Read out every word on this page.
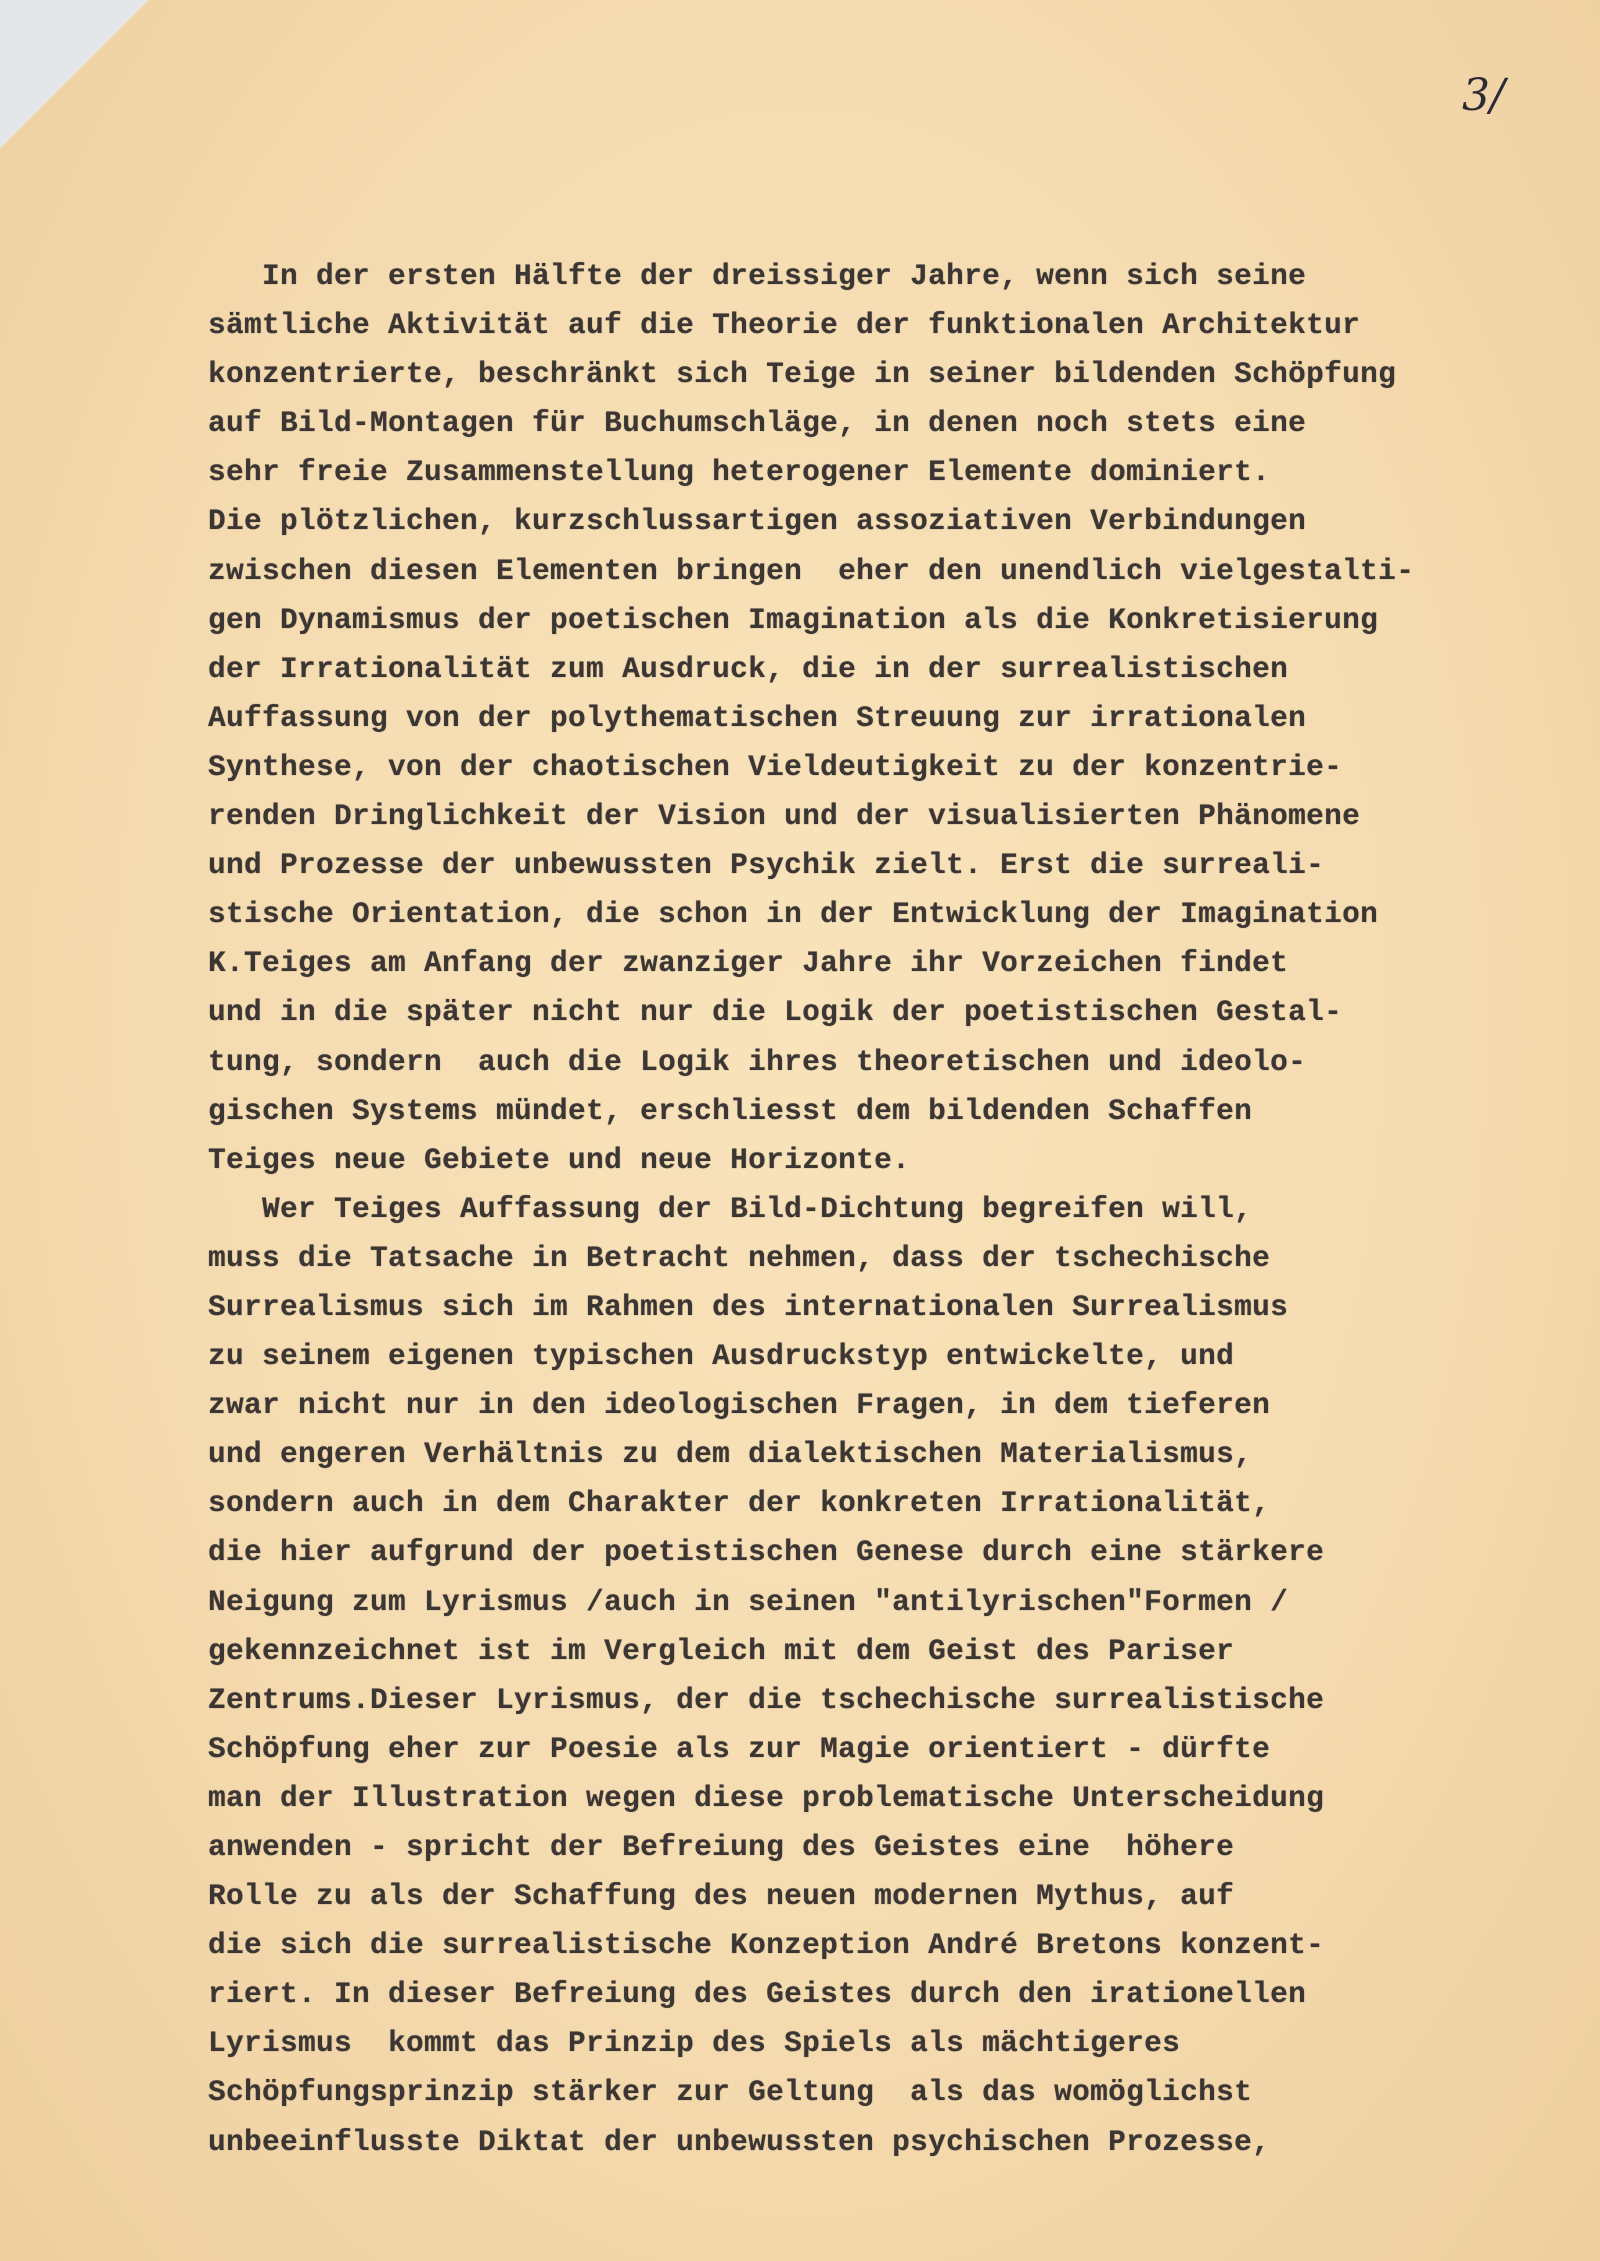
3/

In der ersten Hälfte der dreissiger Jahre, wenn sich seine
sämtliche Aktivität auf die Theorie der funktionalen Architektur
konzentrierte, beschränkt sich Teige in seiner bildenden Schöpfung
auf Bild-Montagen für Buchumschläge, in denen noch stets eine
sehr freie Zusammenstellung heterogener Elemente dominiert.
Die plötzlichen, kurzschlussartigen assoziativen Verbindungen
zwischen diesen Elementen bringen  eher den unendlich vielgestalti-
gen Dynamismus der poetischen Imagination als die Konkretisierung
der Irrationalität zum Ausdruck, die in der surrealistischen
Auffassung von der polythematischen Streuung zur irrationalen
Synthese, von der chaotischen Vieldeutigkeit zu der konzentrie-
renden Dringlichkeit der Vision und der visualisierten Phänomene
und Prozesse der unbewussten Psychik zielt. Erst die surreali-
stische Orientation, die schon in der Entwicklung der Imagination
K.Teiges am Anfang der zwanziger Jahre ihr Vorzeichen findet
und in die später nicht nur die Logik der poetistischen Gestal-
tung, sondern  auch die Logik ihres theoretischen und ideolo-
gischen Systems mündet, erschliesst dem bildenden Schaffen
Teiges neue Gebiete und neue Horizonte.
Wer Teiges Auffassung der Bild-Dichtung begreifen will,
muss die Tatsache in Betracht nehmen, dass der tschechische
Surrealismus sich im Rahmen des internationalen Surrealismus
zu seinem eigenen typischen Ausdruckstyp entwickelte, und
zwar nicht nur in den ideologischen Fragen, in dem tieferen
und engeren Verhältnis zu dem dialektischen Materialismus,
sondern auch in dem Charakter der konkreten Irrationalität,
die hier aufgrund der poetistischen Genese durch eine stärkere
Neigung zum Lyrismus /auch in seinen "antilyrischen"Formen /
gekennzeichnet ist im Vergleich mit dem Geist des Pariser
Zentrums.Dieser Lyrismus, der die tschechische surrealistische
Schöpfung eher zur Poesie als zur Magie orientiert - dürfte
man der Illustration wegen diese problematische Unterscheidung
anwenden - spricht der Befreiung des Geistes eine  höhere
Rolle zu als der Schaffung des neuen modernen Mythus, auf
die sich die surrealistische Konzeption André Bretons konzent-
riert. In dieser Befreiung des Geistes durch den irationellen
Lyrismus  kommt das Prinzip des Spiels als mächtigeres
Schöpfungsprinzip stärker zur Geltung  als das womöglichst
unbeeinflusste Diktat der unbewussten psychischen Prozesse,
